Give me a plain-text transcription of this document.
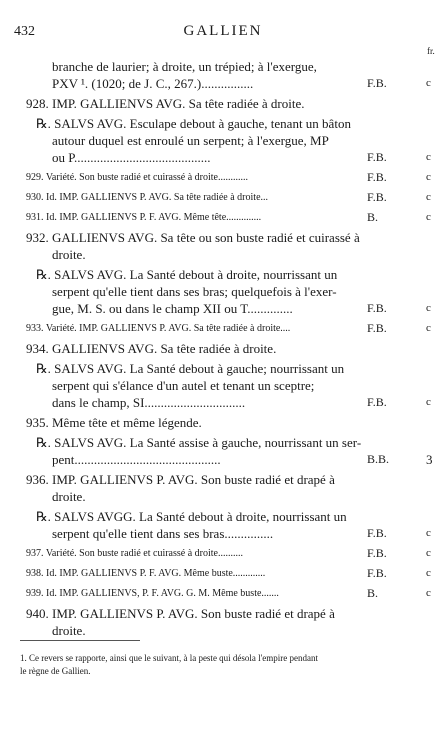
432	GALLIEN
fr.
branche de laurier; à droite, un trépied; à l'exergue,
PXV ¹. (1020; de J. C., 267.)................	F.B.	c
928. IMP. GALLIENVS AVG. Sa tête radiée à droite.
℞. SALVS AVG. Esculape debout à gauche, tenant un bâton
autour duquel est enroulé un serpent; à l'exergue, MP
ou P..........................................	F.B.	c
929. Variété. Son buste radié et cuirassé à droite............	F.B.	c
930. Id. IMP. GALLIENVS P. AVG. Sa tête radiée à droite...	F.B.	c
931. Id. IMP. GALLIENVS P. F. AVG. Même tête..............	B.	c
932. GALLIENVS AVG. Sa tête ou son buste radié et cuirassé à
droite.
℞. SALVS AVG. La Santé debout à droite, nourrissant un
serpent qu'elle tient dans ses bras; quelquefois à l'exer-
gue, M. S. ou dans le champ XII ou T..............	F.B.	c
933. Variété. IMP. GALLIENVS P. AVG. Sa tête radiée à droite....	F.B.	c
934. GALLIENVS AVG. Sa tête radiée à droite.
℞. SALVS AVG. La Santé debout à gauche; nourrissant un
serpent qui s'élance d'un autel et tenant un sceptre;
dans le champ, SI...............................	F.B.	c
935. Même tête et même légende.
℞. SALVS AVG. La Santé assise à gauche, nourrissant un ser-
pent.............................................	B.B.	3
936. IMP. GALLIENVS P. AVG. Son buste radié et drapé à
droite.
℞. SALVS AVGG. La Santé debout à droite, nourrissant un
serpent qu'elle tient dans ses bras...............	F.B.	c
937. Variété. Son buste radié et cuirassé à droite..........	F.B.	c
938. Id. IMP. GALLIENVS P. F. AVG. Même buste.............	F.B.	c
939. Id. IMP. GALLIENVS, P. F. AVG. G. M. Même buste.......	B.	c
940. IMP. GALLIENVS P. AVG. Son buste radié et drapé à
droite.
1. Ce revers se rapporte, ainsi que le suivant, à la peste qui désola l'empire pendant
le règne de Gallien.
